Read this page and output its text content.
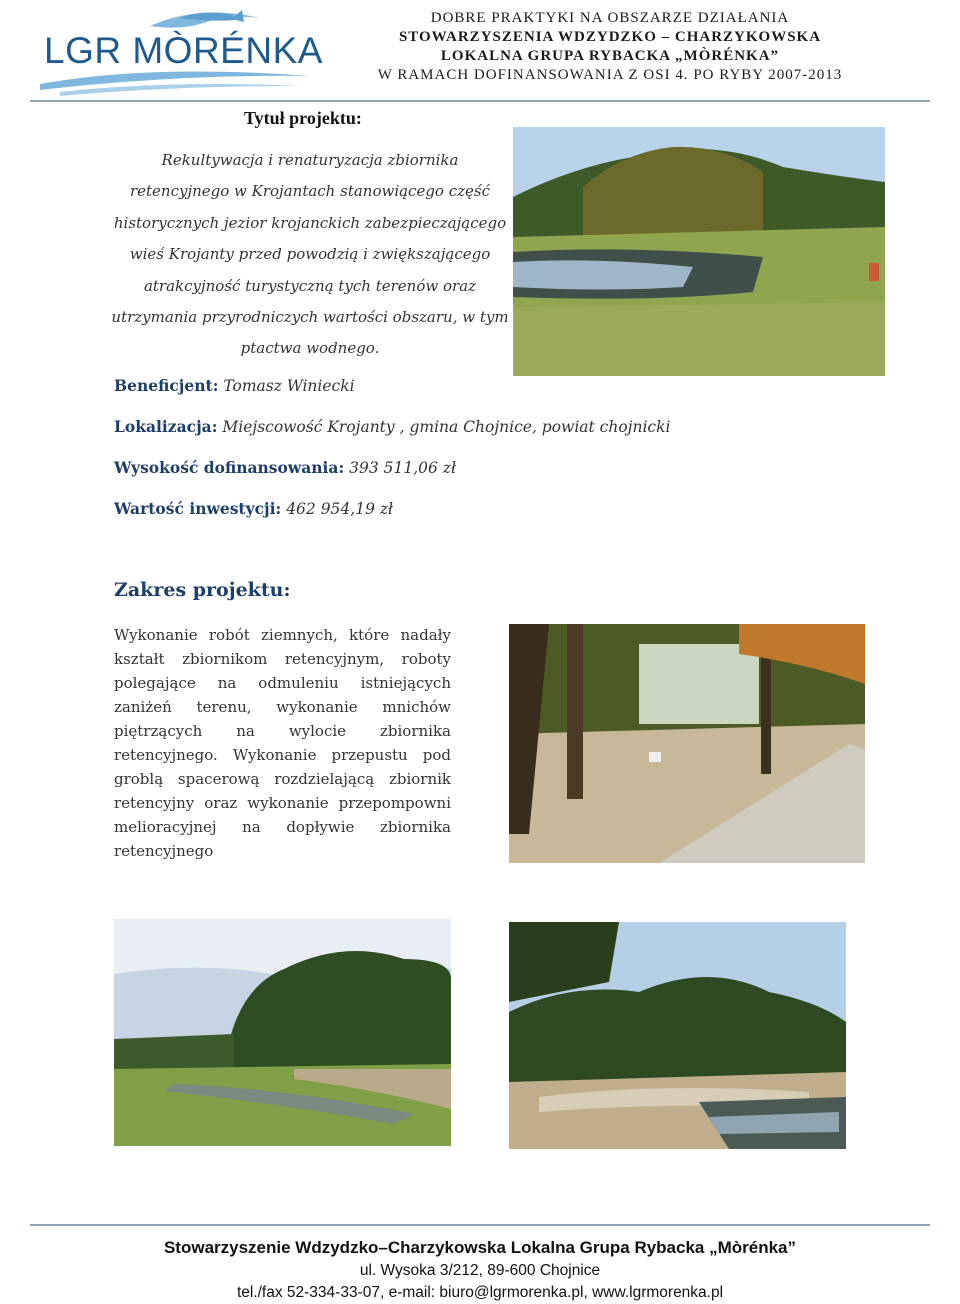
LGR MÒRÉNKA
DOBRE PRAKTYKI NA OBSZARZE DZIAŁANIA
STOWARZYSZENIA WDZYDZKO – CHARZYKOWSKA
LOKALNA GRUPA RYBACKA „MÒRÉNKA”
W RAMACH DOFINANSOWANIA Z OSI 4. PO RYBY 2007-2013
Tytuł projektu:
Rekultywacja i renaturyzacja zbiornika retencyjnego w Krojantach stanowiącego część historycznych jezior krojanckich zabezpieczającego wieś Krojanty przed powodzią i zwiększającego atrakcyjność turystyczną tych terenów oraz utrzymania przyrodniczych wartości obszaru, w tym ptactwa wodnego.
Beneficjent: Tomasz Winiecki
Lokalizacja: Miejscowość Krojanty , gmina Chojnice, powiat chojnicki
Wysokość dofinansowania: 393 511,06 zł
Wartość inwestycji: 462 954,19 zł
Zakres projektu:
Wykonanie robót ziemnych, które nadały kształt zbiornikom retencyjnym, roboty polegające na odmuleniu istniejących zaniżeń terenu, wykonanie mnichów piętrzących na wylocie zbiornika retencyjnego. Wykonanie przepustu pod groblą spacerową rozdzielającą zbiornik retencyjny oraz wykonanie przepompowni melioracyjnej na dopływie zbiornika retencyjnego
Stowarzyszenie Wdzydzko–Charzykowska Lokalna Grupa Rybacka „Mòrénka”
ul. Wysoka 3/212, 89-600 Chojnice
tel./fax 52-334-33-07, e-mail: biuro@lgrmorenka.pl, www.lgrmorenka.pl
